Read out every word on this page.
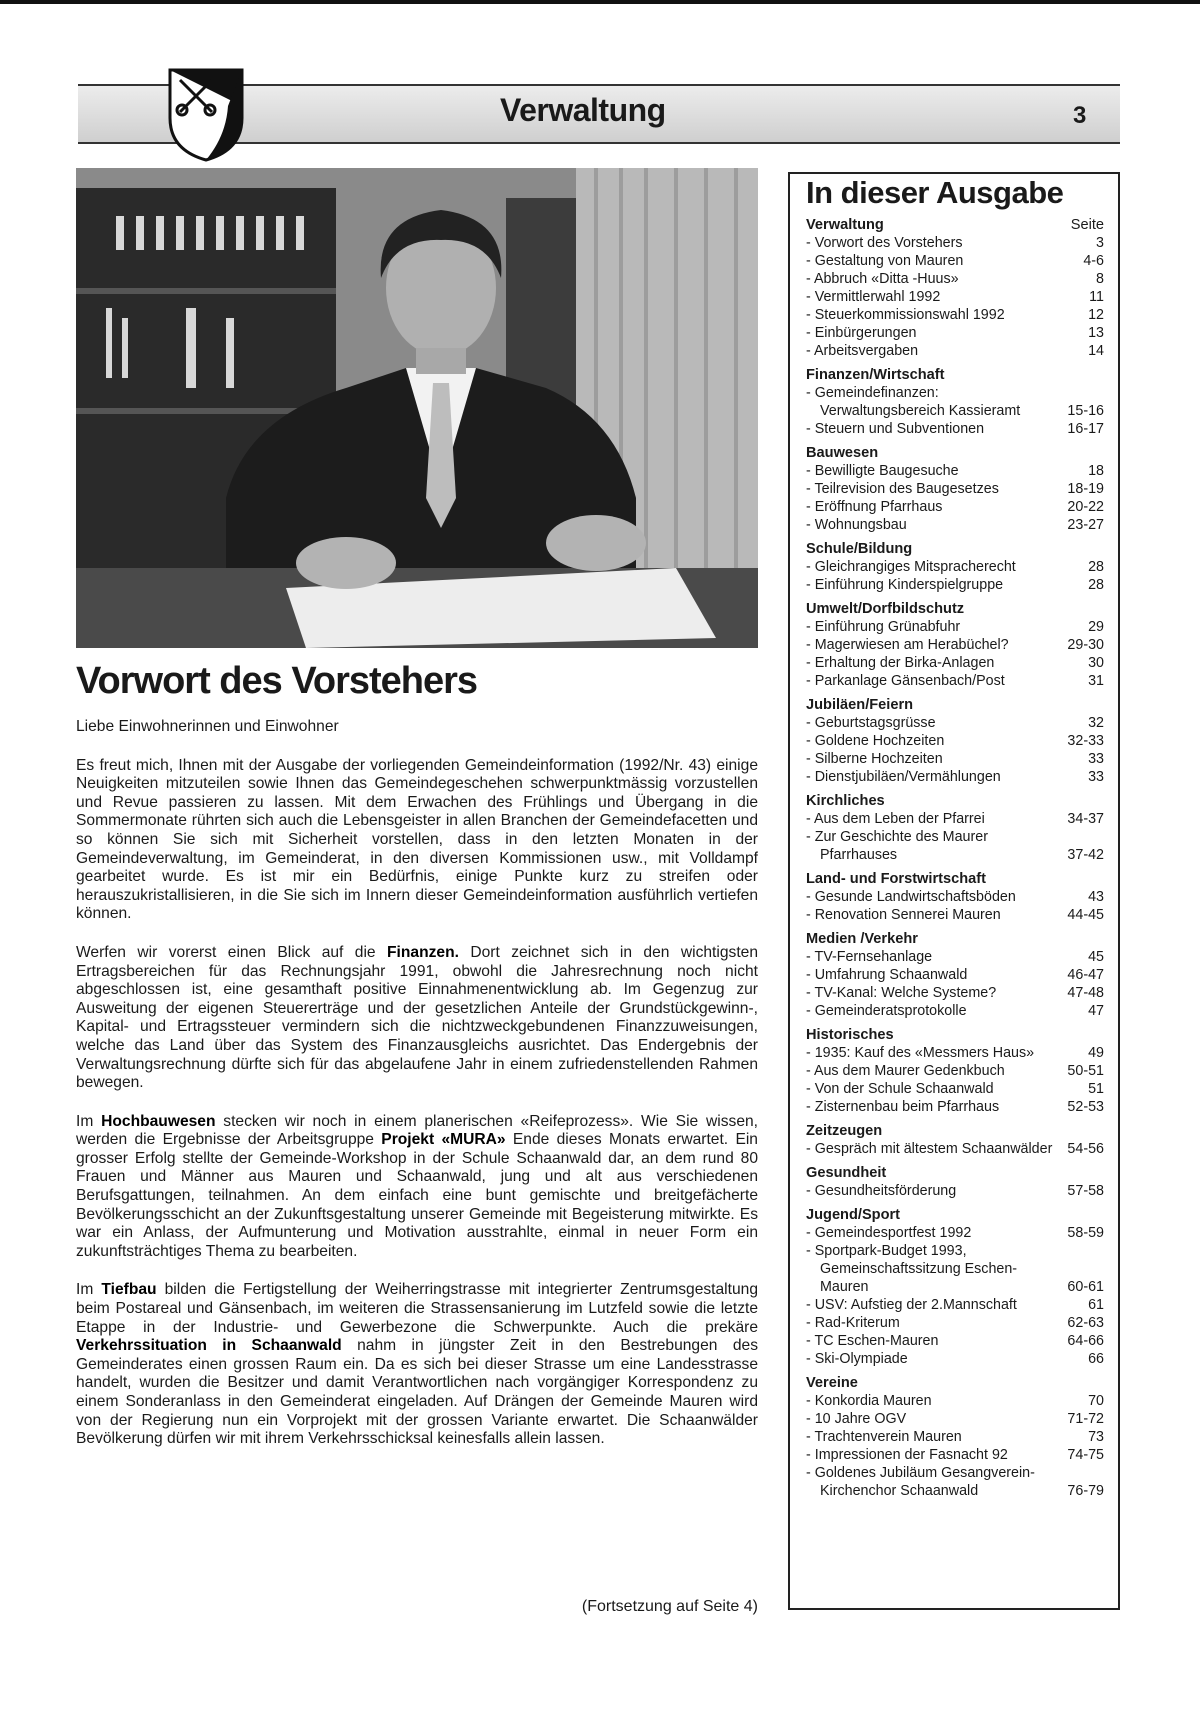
Verwaltung	3
Vorwort des Vorstehers

Liebe Einwohnerinnen und Einwohner

Es freut mich, Ihnen mit der Ausgabe der vorliegenden Gemeindeinformation (1992/Nr. 43) einige Neuigkeiten mitzuteilen sowie Ihnen das Gemeindegeschehen schwerpunktmässig vorzustellen und Revue passieren zu lassen. Mit dem Erwachen des Frühlings und Übergang in die Sommermonate rührten sich auch die Lebensgeister in allen Branchen der Gemeindefacetten und so können Sie sich mit Sicherheit vorstellen, dass in den letzten Monaten in der Gemeindeverwaltung, im Gemeinderat, in den diversen Kommissionen usw., mit Volldampf gearbeitet wurde. Es ist mir ein Bedürfnis, einige Punkte kurz zu streifen oder herauszukristallisieren, in die Sie sich im Innern dieser Gemeindeinformation ausführlich vertiefen können.

Werfen wir vorerst einen Blick auf die Finanzen. Dort zeichnet sich in den wichtigsten Ertragsbereichen für das Rechnungsjahr 1991, obwohl die Jahresrechnung noch nicht abgeschlossen ist, eine gesamthaft positive Einnahmenentwicklung ab. Im Gegenzug zur Ausweitung der eigenen Steuererträge und der gesetzlichen Anteile der Grundstückgewinn-, Kapital- und Ertragssteuer vermindern sich die nichtzweckgebundenen Finanzzuweisungen, welche das Land über das System des Finanzausgleichs ausrichtet. Das Endergebnis der Verwaltungsrechnung dürfte sich für das abgelaufene Jahr in einem zufriedenstellenden Rahmen bewegen.

Im Hochbauwesen stecken wir noch in einem planerischen «Reifeprozess». Wie Sie wissen, werden die Ergebnisse der Arbeitsgruppe Projekt «MURA» Ende dieses Monats erwartet. Ein grosser Erfolg stellte der Gemeinde-Workshop in der Schule Schaanwald dar, an dem rund 80 Frauen und Männer aus Mauren und Schaanwald, jung und alt aus verschiedenen Berufsgattungen, teilnahmen. An dem einfach eine bunt gemischte und breitgefächerte Bevölkerungsschicht an der Zukunftsgestaltung unserer Gemeinde mit Begeisterung mitwirkte. Es war ein Anlass, der Aufmunterung und Motivation ausstrahlte, einmal in neuer Form ein zukunftsträchtiges Thema zu bearbeiten.

Im Tiefbau bilden die Fertigstellung der Weiherringstrasse mit integrierter Zentrumsgestaltung beim Postareal und Gänsenbach, im weiteren die Strassensanierung im Lutzfeld sowie die letzte Etappe in der Industrie- und Gewerbezone die Schwerpunkte. Auch die prekäre Verkehrssituation in Schaanwald nahm in jüngster Zeit in den Bestrebungen des Gemeinderates einen grossen Raum ein. Da es sich bei dieser Strasse um eine Landesstrasse handelt, wurden die Besitzer und damit Verantwortlichen nach vorgängiger Korrespondenz zu einem Sonderanlass in den Gemeinderat eingeladen. Auf Drängen der Gemeinde Mauren wird von der Regierung nun ein Vorprojekt mit der grossen Variante erwartet. Die Schaanwälder Bevölkerung dürfen wir mit ihrem Verkehrsschicksal keinesfalls allein lassen.

(Fortsetzung auf Seite 4)
In dieser Ausgabe
Verwaltung	Seite
- Vorwort des Vorstehers	3
- Gestaltung von Mauren	4-6
- Abbruch «Ditta -Huus»	8
- Vermittlerwahl 1992	11
- Steuerkommissionswahl 1992	12
- Einbürgerungen	13
- Arbeitsvergaben	14
Finanzen/Wirtschaft
- Gemeindefinanzen: Verwaltungsbereich Kassieramt	15-16
- Steuern und Subventionen	16-17
Bauwesen
- Bewilligte Baugesuche	18
- Teilrevision des Baugesetzes	18-19
- Eröffnung Pfarrhaus	20-22
- Wohnungsbau	23-27
Schule/Bildung
- Gleichrangiges Mitspracherecht	28
- Einführung Kinderspielgruppe	28
Umwelt/Dorfbildschutz
- Einführung Grünabfuhr	29
- Magerwiesen am Herabüchel?	29-30
- Erhaltung der Birka-Anlagen	30
- Parkanlage Gänsenbach/Post	31
Jubiläen/Feiern
- Geburtstagsgrüsse	32
- Goldene Hochzeiten	32-33
- Silberne Hochzeiten	33
- Dienstjubiläen/Vermählungen	33
Kirchliches
- Aus dem Leben der Pfarrei	34-37
- Zur Geschichte des Maurer Pfarrhauses	37-42
Land- und Forstwirtschaft
- Gesunde Landwirtschaftsböden	43
- Renovation Sennerei Mauren	44-45
Medien /Verkehr
- TV-Fernsehanlage	45
- Umfahrung Schaanwald	46-47
- TV-Kanal: Welche Systeme?	47-48
- Gemeinderatsprotokolle	47
Historisches
- 1935: Kauf des «Messmers Haus»	49
- Aus dem Maurer Gedenkbuch	50-51
- Von der Schule Schaanwald	51
- Zisternenbau beim Pfarrhaus	52-53
Zeitzeugen
- Gespräch mit ältestem Schaanwälder	54-56
Gesundheit
- Gesundheitsförderung	57-58
Jugend/Sport
- Gemeindesportfest 1992	58-59
- Sportpark-Budget 1993, Gemeinschaftssitzung Eschen-Mauren	60-61
- USV: Aufstieg der 2.Mannschaft	61
- Rad-Kriterum	62-63
- TC Eschen-Mauren	64-66
- Ski-Olympiade	66
Vereine
- Konkordia Mauren	70
- 10 Jahre OGV	71-72
- Trachtenverein Mauren	73
- Impressionen der Fasnacht 92	74-75
- Goldenes Jubiläum Gesangverein-Kirchenchor Schaanwald	76-79
